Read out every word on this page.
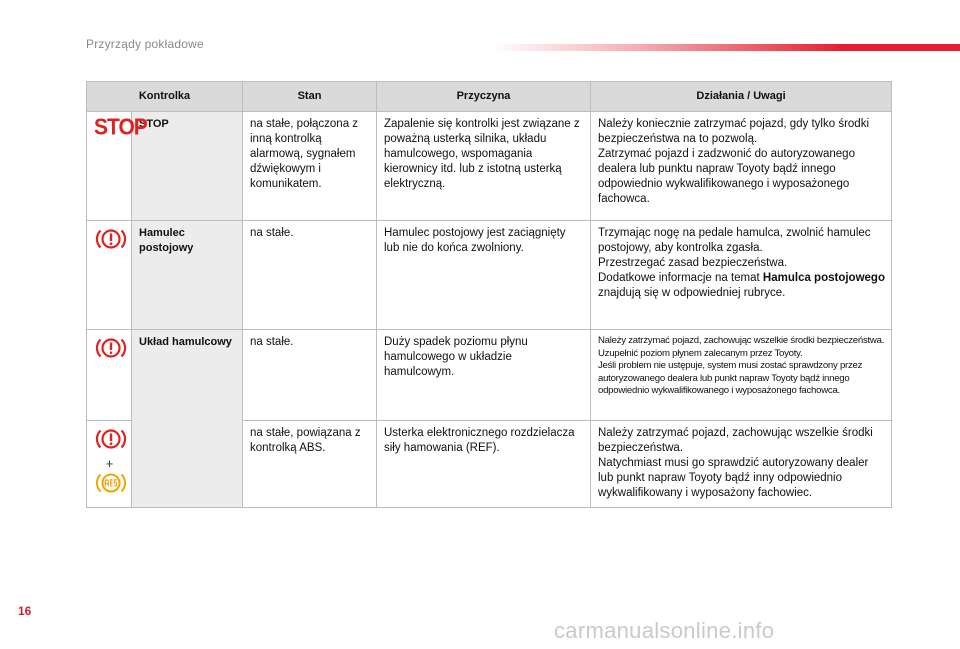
Przyrządy pokładowe
Kontrolka		Stan	Przyczyna	Działania / Uwagi
STOP	STOP	na stałe, połączona z inną kontrolką alarmową, sygnałem dźwiękowym i komunikatem.	Zapalenie się kontrolki jest związane z poważną usterką silnika, układu hamulcowego, wspomagania kierownicy itd. lub z istotną usterką elektryczną.	Należy koniecznie zatrzymać pojazd, gdy tylko środki bezpieczeństwa na to pozwolą.
Zatrzymać pojazd i zadzwonić do autoryzowanego dealera lub punktu napraw Toyoty bądź innego odpowiednio wykwalifikowanego i wyposażonego fachowca.

	Hamulec postojowy	na stałe.	Hamulec postojowy jest zaciągnięty lub nie do końca zwolniony.	Trzymając nogę na pedale hamulca, zwolnić hamulec postojowy, aby kontrolka zgasła.
Przestrzegać zasad bezpieczeństwa.
Dodatkowe informacje na temat Hamulca postojowego znajdują się w odpowiedniej rubryce.

	Układ hamulcowy	na stałe.	Duży spadek poziomu płynu hamulcowego w układzie hamulcowym.	Należy zatrzymać pojazd, zachowując wszelkie środki bezpieczeństwa.
Uzupełnić poziom płynem zalecanym przez Toyoty.
Jeśli problem nie ustępuje, system musi zostać sprawdzony przez autoryzowanego dealera lub punkt napraw Toyoty bądź innego odpowiednio wykwalifikowanego i wyposażonego fachowca.

+		na stałe, powiązana z kontrolką ABS.	Usterka elektronicznego rozdzielacza siły hamowania (REF).	Należy zatrzymać pojazd, zachowując wszelkie środki bezpieczeństwa.
Natychmiast musi go sprawdzić autoryzowany dealer lub punkt napraw Toyoty bądź inny odpowiednio wykwalifikowany i wyposażony fachowiec.
16
carmanualsonline.info
